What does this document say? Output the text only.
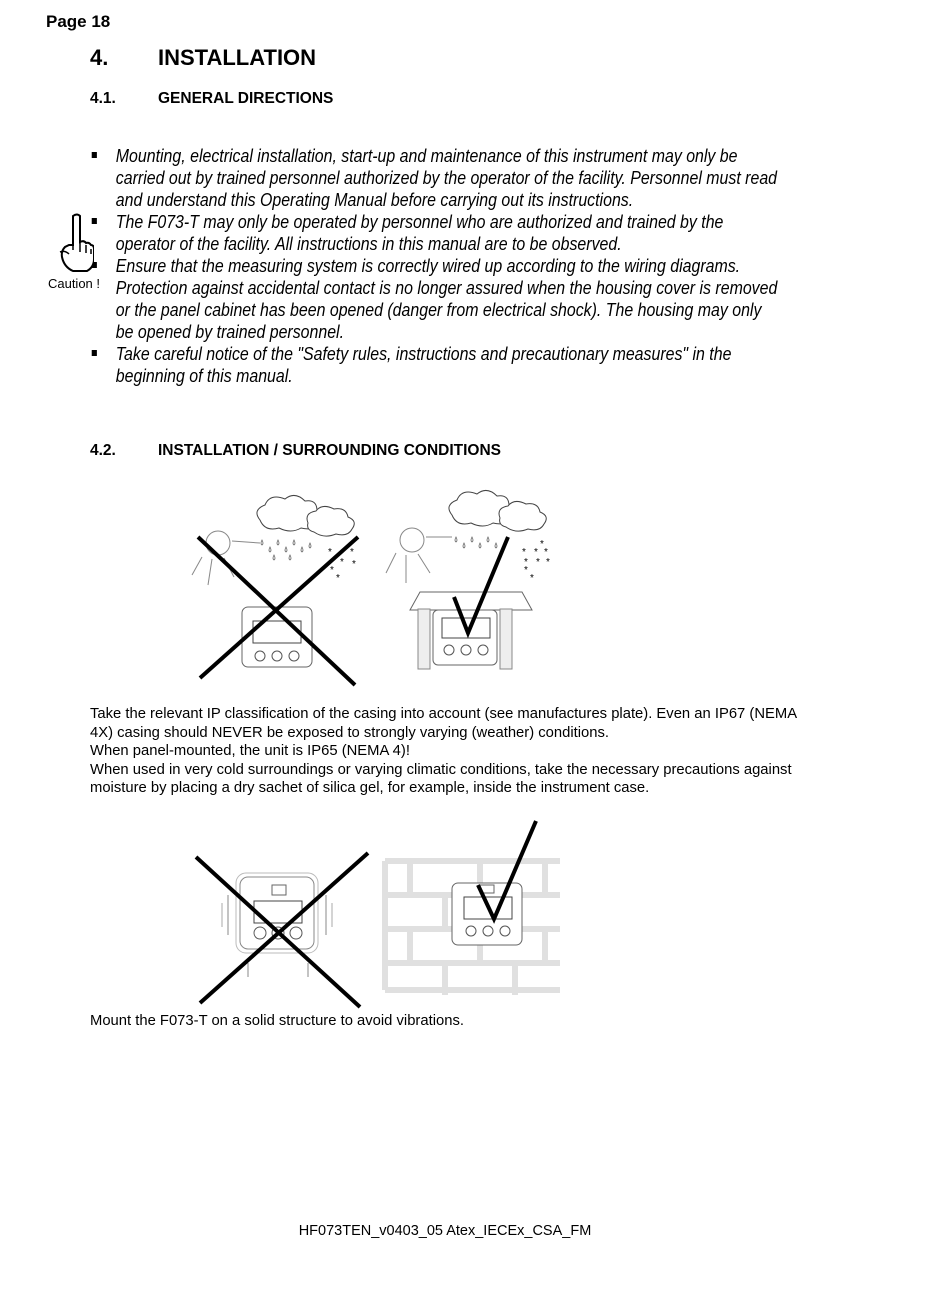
Page 18
4. INSTALLATION
4.1.	GENERAL DIRECTIONS
Mounting, electrical installation, start-up and maintenance of this instrument may only be carried out by trained personnel authorized by the operator of the facility. Personnel must read and understand this Operating Manual before carrying out its instructions.
The F073-T may only be operated by personnel who are authorized and trained by the operator of the facility. All instructions in this manual are to be observed.
Ensure that the measuring system is correctly wired up according to the wiring diagrams. Protection against accidental contact is no longer assured when the housing cover is removed or the panel cabinet has been opened (danger from electrical shock). The housing may only be opened by trained personnel.
Take careful notice of the "Safety rules, instructions and precautionary measures" in the beginning of this manual.
Caution !
4.2.	INSTALLATION / SURROUNDING CONDITIONS
* *
* *
*
*
*
* * *
* * *
*
*

Take the relevant IP classification of the casing into account (see manufactures plate). Even an IP67 (NEMA 4X) casing should NEVER be exposed to strongly varying (weather) conditions.

When panel-mounted, the unit is IP65 (NEMA 4)!

When used in very cold surroundings or varying climatic conditions, take the necessary precautions against moisture by placing a dry sachet of silica gel, for example, inside the instrument case.

Mount the F073-T on a solid structure to avoid vibrations.
HF073TEN_v0403_05 Atex_IECEx_CSA_FM
